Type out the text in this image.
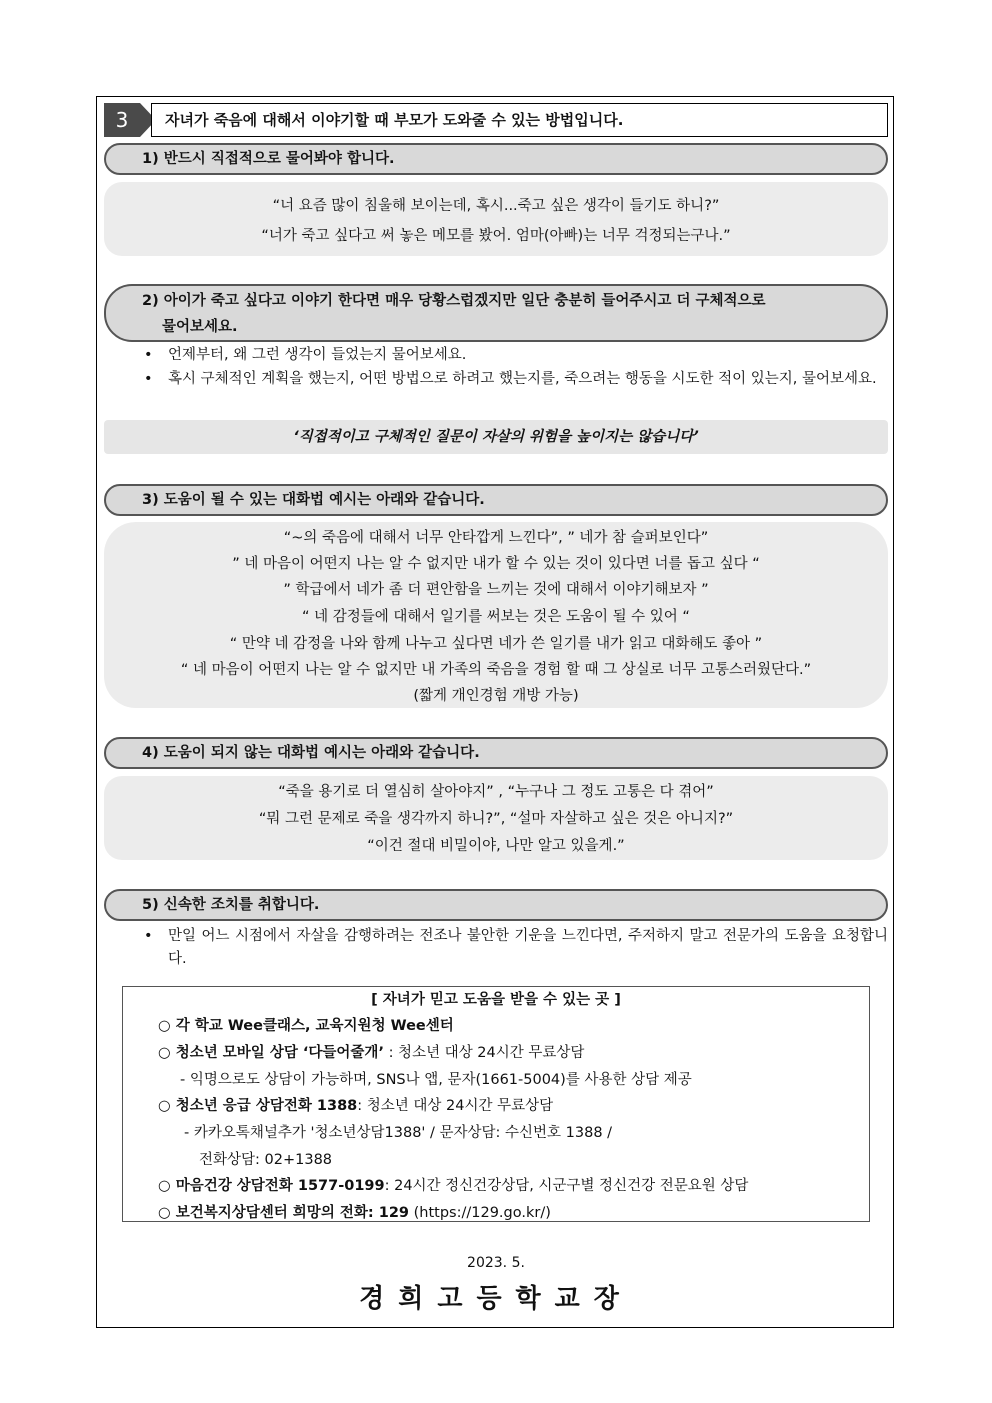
3	자녀가 죽음에 대해서 이야기할 때 부모가 도와줄 수 있는 방법입니다.
1) 반드시 직접적으로 물어봐야 합니다.
“너 요즘 많이 침울해 보이는데, 혹시...죽고 싶은 생각이 들기도 하니?”
“너가 죽고 싶다고 써 놓은 메모를 봤어. 엄마(아빠)는 너무 걱정되는구나.”
2) 아이가 죽고 싶다고 이야기 한다면 매우 당황스럽겠지만 일단 충분히 들어주시고 더 구체적으로
물어보세요.
• 언제부터, 왜 그런 생각이 들었는지 물어보세요.
• 혹시 구체적인 계획을 했는지, 어떤 방법으로 하려고 했는지를, 죽으려는 행동을 시도한 적이 있는지, 물어보세요.
‘직접적이고 구체적인 질문이 자살의 위험을 높이지는 않습니다’
3) 도움이 될 수 있는 대화법 예시는 아래와 같습니다.
“~의 죽음에 대해서 너무 안타깝게 느낀다”, ” 네가 참 슬퍼보인다”
” 네 마음이 어떤지 나는 알 수 없지만 내가 할 수 있는 것이 있다면 너를 돕고 싶다 “
” 학급에서 네가 좀 더 편안함을 느끼는 것에 대해서 이야기해보자 ”
“ 네 감정들에 대해서 일기를 써보는 것은 도움이 될 수 있어 “
“ 만약 네 감정을 나와 함께 나누고 싶다면 네가 쓴 일기를 내가 읽고 대화해도 좋아 ”
“ 네 마음이 어떤지 나는 알 수 없지만 내 가족의 죽음을 경험 할 때 그 상실로 너무 고통스러웠단다.”
(짧게 개인경험 개방 가능)
4) 도움이 되지 않는 대화법 예시는 아래와 같습니다.
“죽을 용기로 더 열심히 살아야지” , “누구나 그 정도 고통은 다 겪어”
“뭐 그런 문제로 죽을 생각까지 하니?”, “설마 자살하고 싶은 것은 아니지?”
“이건 절대 비밀이야, 나만 알고 있을게.”
5) 신속한 조치를 취합니다.
• 만일 어느 시점에서 자살을 감행하려는 전조나 불안한 기운을 느낀다면, 주저하지 말고 전문가의 도움을 요청합니다.
[ 자녀가 믿고 도움을 받을 수 있는 곳 ]
○ 각 학교 Wee클래스, 교육지원청 Wee센터
○ 청소년 모바일 상담 ‘다들어줄개’ : 청소년 대상 24시간 무료상담
- 익명으로도 상담이 가능하며, SNS나 앱, 문자(1661-5004)를 사용한 상담 제공
○ 청소년 응급 상담전화 1388: 청소년 대상 24시간 무료상담
- 카카오톡채널추가 '청소년상담1388' / 문자상담: 수신번호 1388 /
전화상담: 02+1388
○ 마음건강 상담전화 1577-0199: 24시간 정신건강상담, 시군구별 정신건강 전문요원 상담
○ 보건복지상담센터 희망의 전화: 129 (https://129.go.kr/)
2023. 5.
경희고등학교장
